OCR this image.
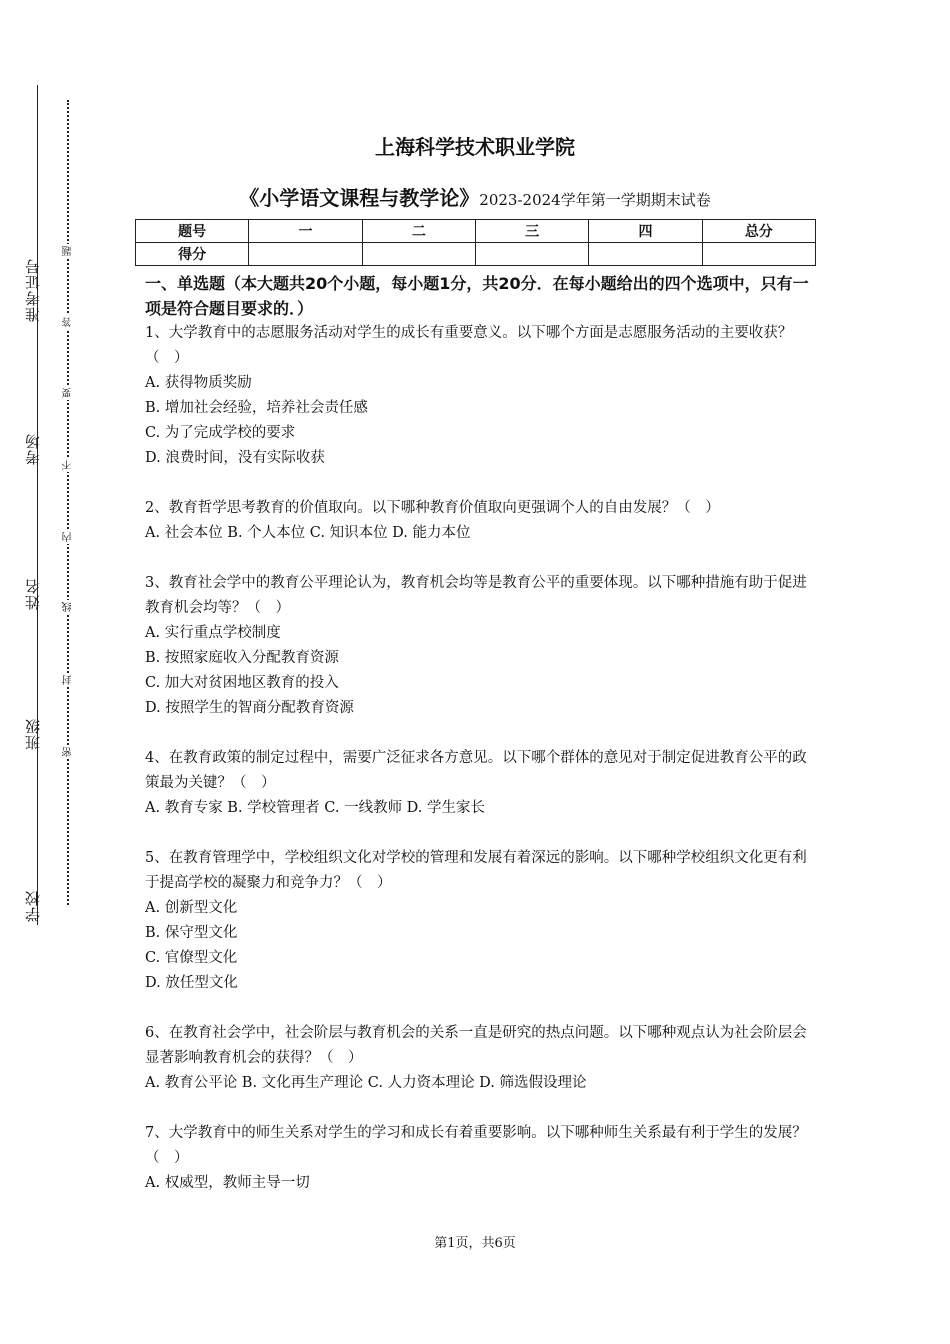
准考证号
考场
姓名
班级
学校
题
答
要
不
内
线
封
密
上海科学技术职业学院
《小学语文课程与教学论》2023-2024学年第一学期期末试卷
题号	一	二	三	四	总分
得分					
一、单选题（本大题共20个小题，每小题1分，共20分．在每小题给出的四个选项中，只有一项是符合题目要求的．）
1、大学教育中的志愿服务活动对学生的成长有重要意义。以下哪个方面是志愿服务活动的主要收获？（　）
A. 获得物质奖励
B. 增加社会经验，培养社会责任感
C. 为了完成学校的要求
D. 浪费时间，没有实际收获
2、教育哲学思考教育的价值取向。以下哪种教育价值取向更强调个人的自由发展？（　）
A. 社会本位 B. 个人本位 C. 知识本位 D. 能力本位
3、教育社会学中的教育公平理论认为，教育机会均等是教育公平的重要体现。以下哪种措施有助于促进教育机会均等？（　）
A. 实行重点学校制度
B. 按照家庭收入分配教育资源
C. 加大对贫困地区教育的投入
D. 按照学生的智商分配教育资源
4、在教育政策的制定过程中，需要广泛征求各方意见。以下哪个群体的意见对于制定促进教育公平的政策最为关键？（　）
A. 教育专家 B. 学校管理者 C. 一线教师 D. 学生家长
5、在教育管理学中，学校组织文化对学校的管理和发展有着深远的影响。以下哪种学校组织文化更有利于提高学校的凝聚力和竞争力？（　）
A. 创新型文化
B. 保守型文化
C. 官僚型文化
D. 放任型文化
6、在教育社会学中，社会阶层与教育机会的关系一直是研究的热点问题。以下哪种观点认为社会阶层会显著影响教育机会的获得？（　）
A. 教育公平论 B. 文化再生产理论 C. 人力资本理论 D. 筛选假设理论
7、大学教育中的师生关系对学生的学习和成长有着重要影响。以下哪种师生关系最有利于学生的发展？（　）
A. 权威型，教师主导一切
第1页，共6页
